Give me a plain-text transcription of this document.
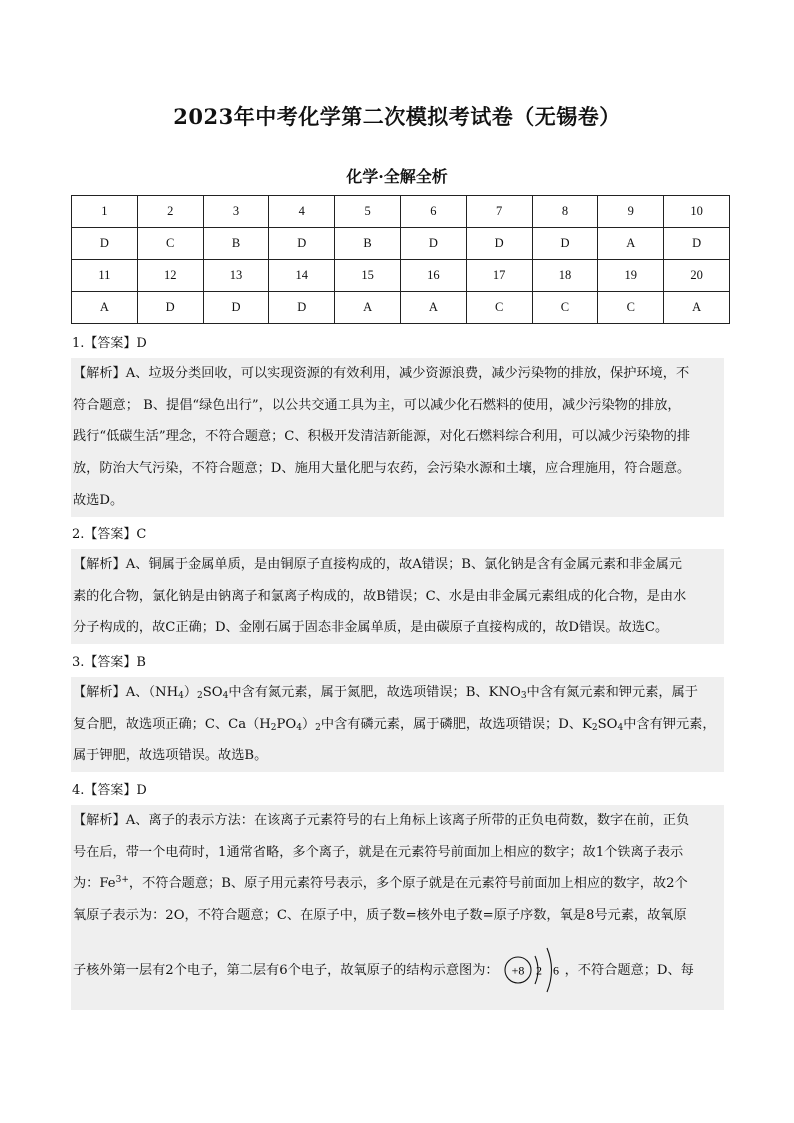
2023年中考化学第二次模拟考试卷（无锡卷）
化学·全解全析
1	2	3	4	5	6	7	8	9	10
D	C	B	D	B	D	D	D	A	D
11	12	13	14	15	16	17	18	19	20
A	D	D	D	A	A	C	C	C	A
1.【答案】D

【解析】A、垃圾分类回收，可以实现资源的有效利用，减少资源浪费，减少污染物的排放，保护环境，不

符合题意； B、提倡“绿色出行”，以公共交通工具为主，可以减少化石燃料的使用，减少污染物的排放，

践行“低碳生活”理念，不符合题意；C、积极开发清洁新能源，对化石燃料综合利用，可以减少污染物的排

放，防治大气污染，不符合题意；D、施用大量化肥与农药，会污染水源和土壤，应合理施用，符合题意。

故选D。

2.【答案】C

【解析】A、铜属于金属单质，是由铜原子直接构成的，故A错误；B、氯化钠是含有金属元素和非金属元

素的化合物，氯化钠是由钠离子和氯离子构成的，故B错误；C、水是由非金属元素组成的化合物，是由水

分子构成的，故C正确；D、金刚石属于固态非金属单质，是由碳原子直接构成的，故D错误。故选C。

3.【答案】B

【解析】A、$(NH_4)_2SO_4$中含有氮元素，属于氮肥，故选项错误；B、$KNO_3$中含有氮元素和钾元素，属于

复合肥，故选项正确；C、$Ca(H_2PO_4)_2$中含有磷元素，属于磷肥，故选项错误；D、$K_2SO_4$中含有钾元素，

属于钾肥，故选项错误。故选B。

4.【答案】D

【解析】A、离子的表示方法：在该离子元素符号的右上角标上该离子所带的正负电荷数，数字在前，正负

号在后，带一个电荷时，1通常省略，多个离子，就是在元素符号前面加上相应的数字；故1个铁离子表示

为：$Fe^{3+}$，不符合题意；B、原子用元素符号表示，多个原子就是在元素符号前面加上相应的数字，故2个

氧原子表示为：2O，不符合题意；C、在原子中，质子数=核外电子数=原子序数，氧是8号元素，故氧原

子核外第一层有2个电子，第二层有6个电子，故氧原子的结构示意图为： +8 2 6 ，不符合题意；D、每
